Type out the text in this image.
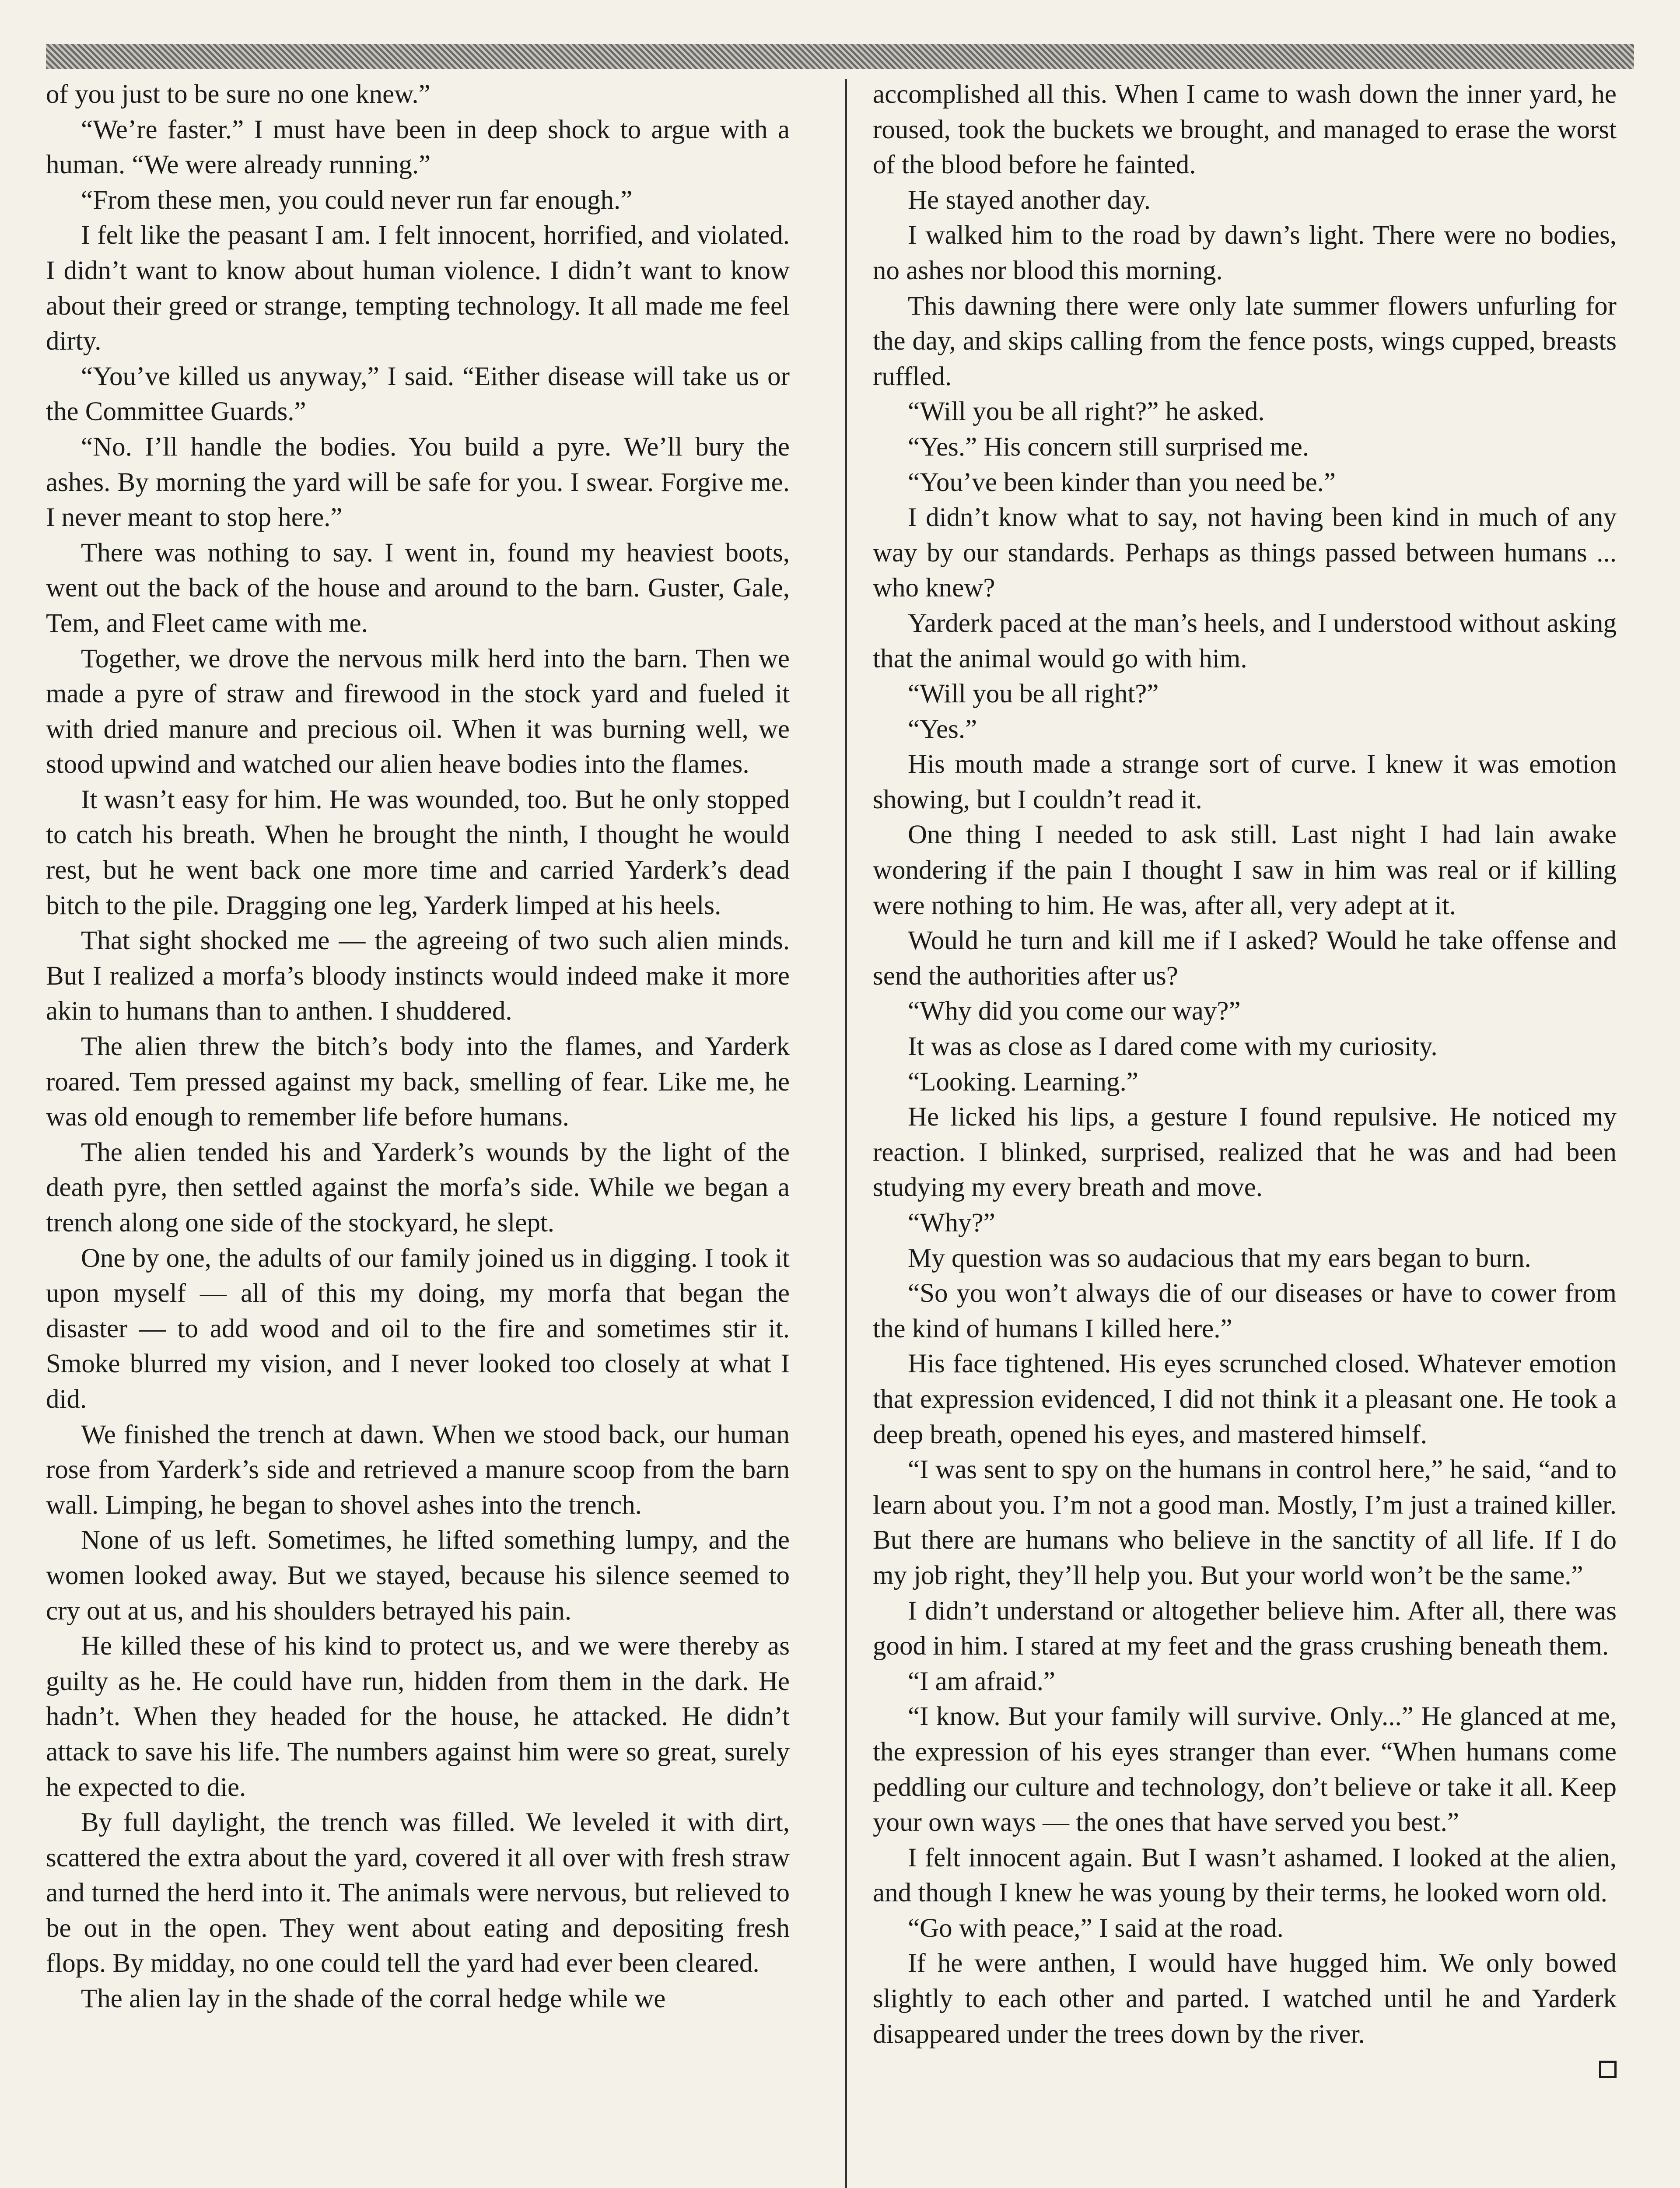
of you just to be sure no one knew.”

“We’re faster.” I must have been in deep shock to argue with a human. “We were already running.”

“From these men, you could never run far enough.”

I felt like the peasant I am. I felt innocent, horrified, and violated. I didn’t want to know about human violence. I didn’t want to know about their greed or strange, tempting technology. It all made me feel dirty.

“You’ve killed us anyway,” I said. “Either disease will take us or the Committee Guards.”

“No. I’ll handle the bodies. You build a pyre. We’ll bury the ashes. By morning the yard will be safe for you. I swear. Forgive me. I never meant to stop here.”

There was nothing to say. I went in, found my heaviest boots, went out the back of the house and around to the barn. Guster, Gale, Tem, and Fleet came with me.

Together, we drove the nervous milk herd into the barn. Then we made a pyre of straw and firewood in the stock yard and fueled it with dried manure and precious oil. When it was burning well, we stood upwind and watched our alien heave bodies into the flames.

It wasn’t easy for him. He was wounded, too. But he only stopped to catch his breath. When he brought the ninth, I thought he would rest, but he went back one more time and carried Yarderk’s dead bitch to the pile. Dragging one leg, Yarderk limped at his heels.

That sight shocked me — the agreeing of two such alien minds. But I realized a morfa’s bloody instincts would indeed make it more akin to humans than to anthen. I shuddered.

The alien threw the bitch’s body into the flames, and Yarderk roared. Tem pressed against my back, smelling of fear. Like me, he was old enough to remember life before humans.

The alien tended his and Yarderk’s wounds by the light of the death pyre, then settled against the morfa’s side. While we began a trench along one side of the stockyard, he slept.

One by one, the adults of our family joined us in digging. I took it upon myself — all of this my doing, my morfa that began the disaster — to add wood and oil to the fire and sometimes stir it. Smoke blurred my vision, and I never looked too closely at what I did.

We finished the trench at dawn. When we stood back, our human rose from Yarderk’s side and retrieved a manure scoop from the barn wall. Limping, he began to shovel ashes into the trench.

None of us left. Sometimes, he lifted something lumpy, and the women looked away. But we stayed, because his silence seemed to cry out at us, and his shoulders betrayed his pain.

He killed these of his kind to protect us, and we were thereby as guilty as he. He could have run, hidden from them in the dark. He hadn’t. When they headed for the house, he attacked. He didn’t attack to save his life. The numbers against him were so great, surely he expected to die.

By full daylight, the trench was filled. We leveled it with dirt, scattered the extra about the yard, covered it all over with fresh straw and turned the herd into it. The animals were nervous, but relieved to be out in the open. They went about eating and depositing fresh flops. By midday, no one could tell the yard had ever been cleared.

The alien lay in the shade of the corral hedge while we

accomplished all this. When I came to wash down the inner yard, he roused, took the buckets we brought, and managed to erase the worst of the blood before he fainted.

He stayed another day.

I walked him to the road by dawn’s light. There were no bodies, no ashes nor blood this morning.

This dawning there were only late summer flowers unfurling for the day, and skips calling from the fence posts, wings cupped, breasts ruffled.

“Will you be all right?” he asked.

“Yes.” His concern still surprised me.

“You’ve been kinder than you need be.”

I didn’t know what to say, not having been kind in much of any way by our standards. Perhaps as things passed between humans ... who knew?

Yarderk paced at the man’s heels, and I understood without asking that the animal would go with him.

“Will you be all right?”

“Yes.”

His mouth made a strange sort of curve. I knew it was emotion showing, but I couldn’t read it.

One thing I needed to ask still. Last night I had lain awake wondering if the pain I thought I saw in him was real or if killing were nothing to him. He was, after all, very adept at it.

Would he turn and kill me if I asked? Would he take offense and send the authorities after us?

“Why did you come our way?”

It was as close as I dared come with my curiosity.

“Looking. Learning.”

He licked his lips, a gesture I found repulsive. He noticed my reaction. I blinked, surprised, realized that he was and had been studying my every breath and move.

“Why?”

My question was so audacious that my ears began to burn.

“So you won’t always die of our diseases or have to cower from the kind of humans I killed here.”

His face tightened. His eyes scrunched closed. Whatever emotion that expression evidenced, I did not think it a pleasant one. He took a deep breath, opened his eyes, and mastered himself.

“I was sent to spy on the humans in control here,” he said, “and to learn about you. I’m not a good man. Mostly, I’m just a trained killer. But there are humans who believe in the sanctity of all life. If I do my job right, they’ll help you. But your world won’t be the same.”

I didn’t understand or altogether believe him. After all, there was good in him. I stared at my feet and the grass crushing beneath them.

“I am afraid.”

“I know. But your family will survive. Only...” He glanced at me, the expression of his eyes stranger than ever. “When humans come peddling our culture and technology, don’t believe or take it all. Keep your own ways — the ones that have served you best.”

I felt innocent again. But I wasn’t ashamed. I looked at the alien, and though I knew he was young by their terms, he looked worn old.

“Go with peace,” I said at the road.

If he were anthen, I would have hugged him. We only bowed slightly to each other and parted. I watched until he and Yarderk disappeared under the trees down by the river.
